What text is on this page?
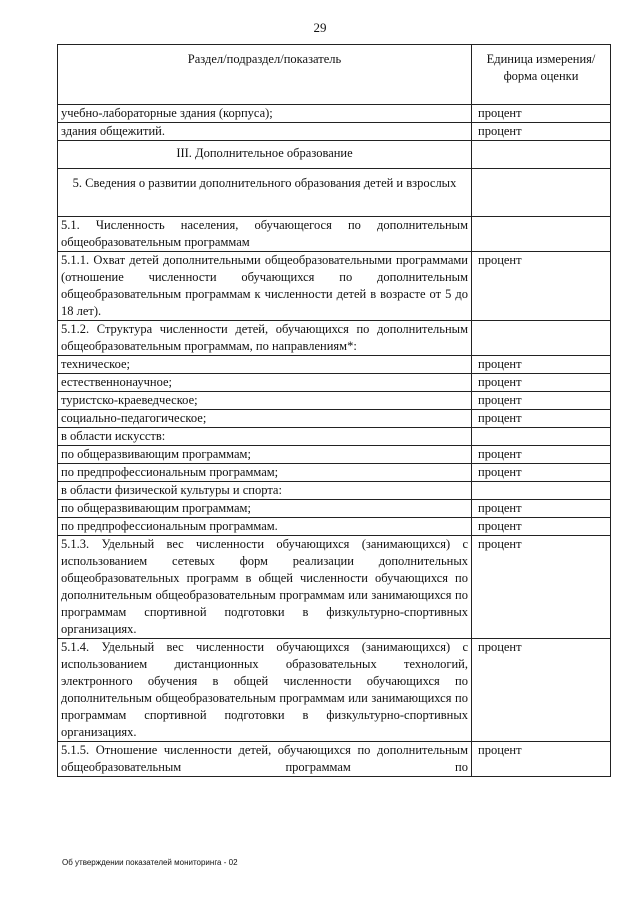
29
Раздел/подраздел/показатель	Единица измерения/ форма оценки
учебно-лабораторные здания (корпуса);	процент
здания общежитий.	процент
III. Дополнительное образование	
5. Сведения о развитии дополнительного образования детей и взрослых	
5.1. Численность населения, обучающегося по дополнительным общеобразовательным программам	
5.1.1. Охват детей дополнительными общеобразовательными программами (отношение численности обучающихся по дополнительным общеобразовательным программам к численности детей в возрасте от 5 до 18 лет).	процент
5.1.2. Структура численности детей, обучающихся по дополнительным общеобразовательным программам, по направлениям*:	
техническое;	процент
естественнонаучное;	процент
туристско-краеведческое;	процент
социально-педагогическое;	процент
в области искусств:	
по общеразвивающим программам;	процент
по предпрофессиональным программам;	процент
в области физической культуры и спорта:	
по общеразвивающим программам;	процент
по предпрофессиональным программам.	процент
5.1.3. Удельный вес численности обучающихся (занимающихся) с использованием сетевых форм реализации дополнительных общеобразовательных программ в общей численности обучающихся по дополнительным общеобразовательным программам или занимающихся по программам спортивной подготовки в физкультурно-спортивных организациях.	процент
5.1.4. Удельный вес численности обучающихся (занимающихся) с использованием дистанционных образовательных технологий, электронного обучения в общей численности обучающихся по дополнительным общеобразовательным программам или занимающихся по программам спортивной подготовки в физкультурно-спортивных организациях.	процент
5.1.5. Отношение численности детей, обучающихся по дополнительным общеобразовательным программам по	процент
Об утверждении показателей мониторинга - 02
